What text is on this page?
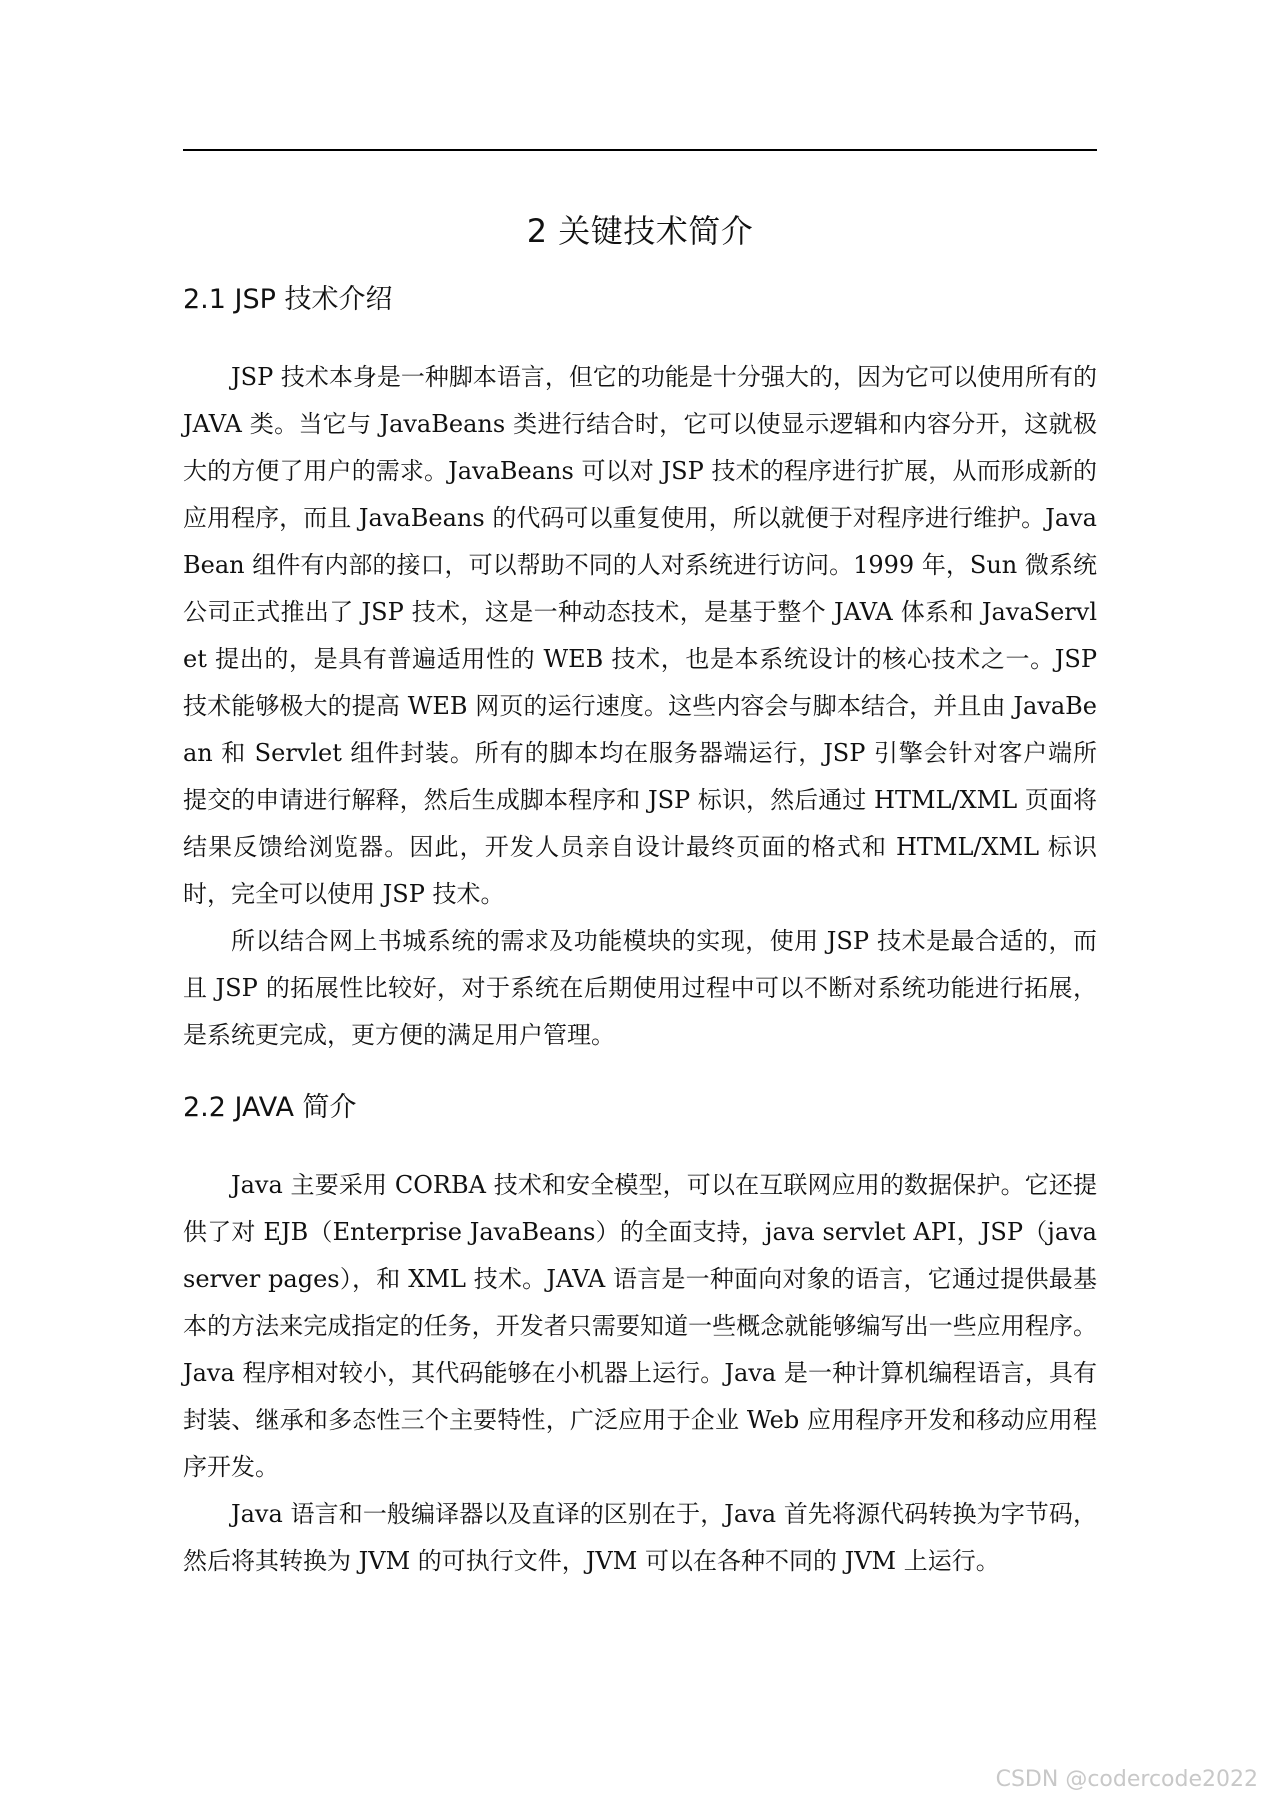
2 关键技术简介
2.1 JSP 技术介绍

JSP 技术本身是一种脚本语言，但它的功能是十分强大的，因为它可以使用所有的 JAVA 类。当它与 JavaBeans 类进行结合时，它可以使显示逻辑和内容分开，这就极大的方便了用户的需求。JavaBeans 可以对 JSP 技术的程序进行扩展，从而形成新的应用程序，而且 JavaBeans 的代码可以重复使用，所以就便于对程序进行维护。JavaBean 组件有内部的接口，可以帮助不同的人对系统进行访问。1999 年，Sun 微系统公司正式推出了 JSP 技术，这是一种动态技术，是基于整个 JAVA 体系和 JavaServlet 提出的，是具有普遍适用性的 WEB 技术，也是本系统设计的核心技术之一。JSP 技术能够极大的提高 WEB 网页的运行速度。这些内容会与脚本结合，并且由 JavaBean 和 Servlet 组件封装。所有的脚本均在服务器端运行，JSP 引擎会针对客户端所 提交的申请进行解释，然后生成脚本程序和 JSP 标识，然后通过 HTML/XML 页面将结果反馈给浏览器。因此，开发人员亲自设计最终页面的格式和 HTML/XML 标识时，完全可以使用 JSP 技术。

所以结合网上书城系统的需求及功能模块的实现，使用 JSP 技术是最合适的，而且 JSP 的拓展性比较好，对于系统在后期使用过程中可以不断对系统功能进行拓展，是系统更完成，更方便的满足用户管理。

2.2 JAVA 简介

Java 主要采用 CORBA 技术和安全模型，可以在互联网应用的数据保护。它还提供了对 EJB（Enterprise JavaBeans）的全面支持，java servlet API，JSP（java server pages），和 XML 技术。JAVA 语言是一种面向对象的语言，它通过提供最基本的方法来完成指定的任务，开发者只需要知道一些概念就能够编写出一些应用程序。Java 程序相对较小，其代码能够在小机器上运行。Java 是一种计算机编程语言，具有封装、继承和多态性三个主要特性，广泛应用于企业 Web 应用程序开发和移动应用程序开发。

Java 语言和一般编译器以及直译的区别在于，Java 首先将源代码转换为字节码，然后将其转换为 JVM 的可执行文件，JVM 可以在各种不同的 JVM 上运行。

CSDN @codercode2022
